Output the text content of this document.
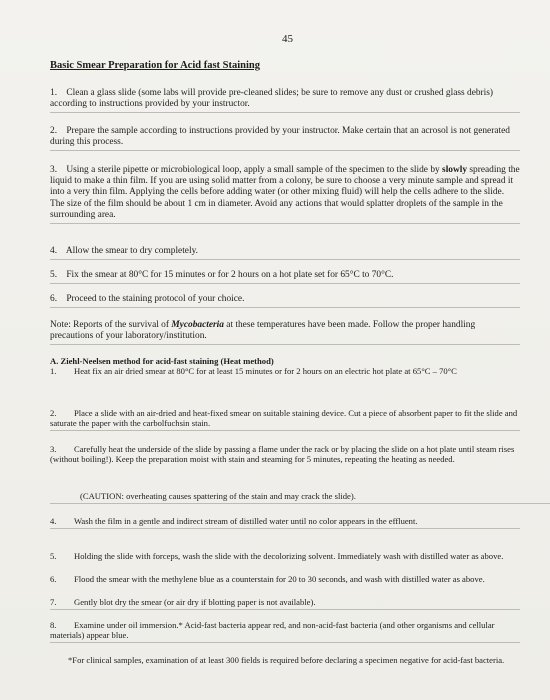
45
Basic Smear Preparation for Acid fast Staining
1. Clean a glass slide (some labs will provide pre-cleaned slides; be sure to remove any dust or crushed glass debris) according to instructions provided by your instructor.
2. Prepare the sample according to instructions provided by your instructor. Make certain that an acrosol is not generated during this process.
3. Using a sterile pipette or microbiological loop, apply a small sample of the specimen to the slide by slowly spreading the liquid to make a thin film. If you are using solid matter from a colony, be sure to choose a very minute sample and spread it into a very thin film. Applying the cells before adding water (or other mixing fluid) will help the cells adhere to the slide. The size of the film should be about 1 cm in diameter. Avoid any actions that would splatter droplets of the sample in the surrounding area.
4. Allow the smear to dry completely.
5. Fix the smear at 80°C for 15 minutes or for 2 hours on a hot plate set for 65°C to 70°C.
6. Proceed to the staining protocol of your choice.
Note: Reports of the survival of Mycobacteria at these temperatures have been made. Follow the proper handling precautions of your laboratory/institution.
A. Ziehl-Neelsen method for acid-fast staining (Heat method)
1. Heat fix an air dried smear at 80°C for at least 15 minutes or for 2 hours on an electric hot plate at 65°C – 70°C
2. Place a slide with an air-dried and heat-fixed smear on suitable staining device. Cut a piece of absorbent paper to fit the slide and saturate the paper with the carbolfuchsin stain.
3. Carefully heat the underside of the slide by passing a flame under the rack or by placing the slide on a hot plate until steam rises (without boiling!). Keep the preparation moist with stain and steaming for 5 minutes, repeating the heating as needed.
(CAUTION: overheating causes spattering of the stain and may crack the slide).
4. Wash the film in a gentle and indirect stream of distilled water until no color appears in the effluent.
5. Holding the slide with forceps, wash the slide with the decolorizing solvent. Immediately wash with distilled water as above.
6. Flood the smear with the methylene blue as a counterstain for 20 to 30 seconds, and wash with distilled water as above.
7. Gently blot dry the smear (or air dry if blotting paper is not available).
8. Examine under oil immersion.* Acid-fast bacteria appear red, and non-acid-fast bacteria (and other organisms and cellular materials) appear blue.
*For clinical samples, examination of at least 300 fields is required before declaring a specimen negative for acid-fast bacteria.
